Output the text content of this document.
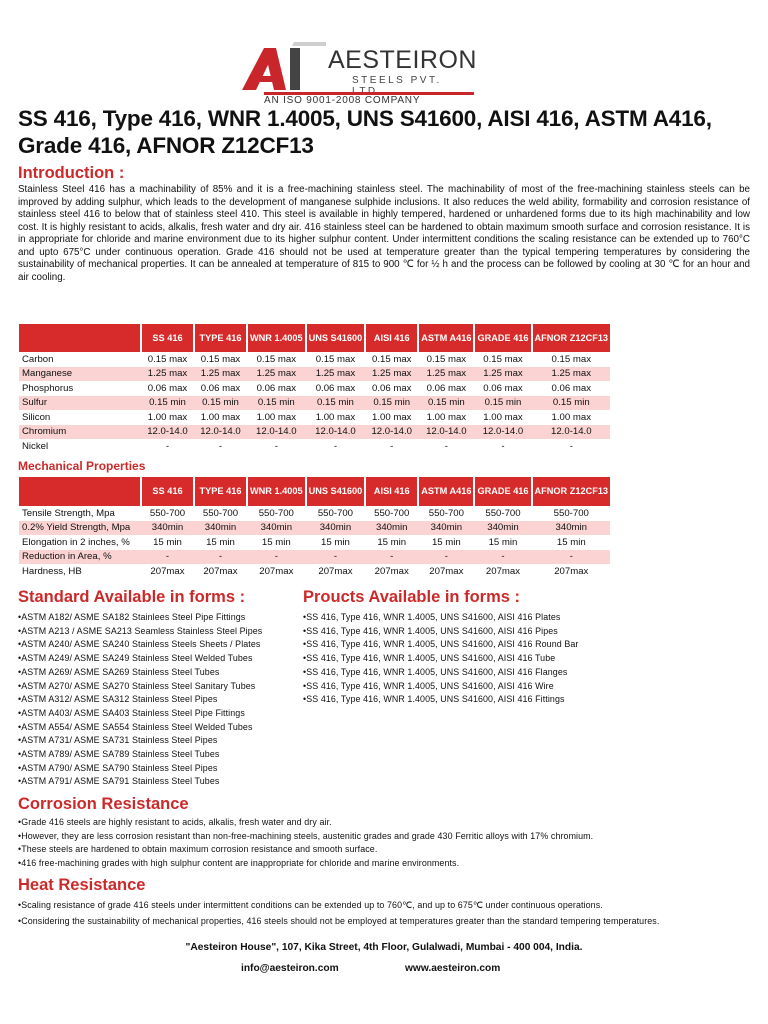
AESTEIRON
STEELS PVT.
AN ISO 9001-2008 COMPANY
SS 416, Type 416, WNR 1.4005, UNS S41600, AISI 416, ASTM A416, Grade 416, AFNOR Z12CF13
Introduction :
Stainless Steel 416 has a machinability of 85% and it is a free-machining stainless steel. The machinability of most of the free-machining stainless steels can be improved by adding sulphur, which leads to the development of manganese sulphide inclusions. It also reduces the weld ability, formability and corrosion resistance of stainless steel 416 to below that of stainless steel 410. This steel is available in highly tempered, hardened or unhardened forms due to its high machinability and low cost. It is highly resistant to acids, alkalis, fresh water and dry air. 416 stainless steel can be hardened to obtain maximum smooth surface and corrosion resistance. It is in appropriate for chloride and marine environment due to its higher sulphur content. Under intermittent conditions the scaling resistance can be extended up to 760°C and upto 675°C under continuous operation. Grade 416 should not be used at temperature greater than the typical tempering temperatures by considering the sustainability of mechanical properties. It can be annealed at temperature of 815 to 900 ℃ for ½ h and the process can be followed by cooling at 30 ℃ for an hour and air cooling.
Chemical Composition	SS 416	TYPE 416	WNR 1.4005	UNS S41600	AISI 416	ASTM A416	GRADE 416	AFNOR Z12CF13
Carbon	0.15 max	0.15 max	0.15 max	0.15 max	0.15 max	0.15 max	0.15 max	0.15 max
Manganese	1.25 max	1.25 max	1.25 max	1.25 max	1.25 max	1.25 max	1.25 max	1.25 max
Phosphorus	0.06 max	0.06 max	0.06 max	0.06 max	0.06 max	0.06 max	0.06 max	0.06 max
Sulfur	0.15 min	0.15 min	0.15 min	0.15 min	0.15 min	0.15 min	0.15 min	0.15 min
Silicon	1.00 max	1.00 max	1.00 max	1.00 max	1.00 max	1.00 max	1.00 max	1.00 max
Chromium	12.0-14.0	12.0-14.0	12.0-14.0	12.0-14.0	12.0-14.0	12.0-14.0	12.0-14.0	12.0-14.0
Nickel	-	-	-	-	-	-	-	-
Mechanical Properties
	SS 416	TYPE 416	WNR 1.4005	UNS S41600	AISI 416	ASTM A416	GRADE 416	AFNOR Z12CF13
Tensile Strength, Mpa	550-700	550-700	550-700	550-700	550-700	550-700	550-700	550-700
0.2% Yield Strength, Mpa	340min	340min	340min	340min	340min	340min	340min	340min
Elongation in 2 inches, %	15 min	15 min	15 min	15 min	15 min	15 min	15 min	15 min
Reduction in Area, %	-	-	-	-	-	-	-	-
Hardness, HB	207max	207max	207max	207max	207max	207max	207max	207max
Standard Available in forms :
• ASTM A182/ ASME SA182 Stainlees Steel Pipe Fittings
• ASTM A213 / ASME SA213 Seamless Stainless Steel Pipes
• ASTM A240/ ASME SA240 Stainless Steels Sheets / Plates
• ASTM A249/ ASME SA249 Stainless Steel Welded Tubes
• ASTM A269/ ASME SA269 Stainless Steel Tubes
• ASTM A270/ ASME SA270 Stainless Steel Sanitary Tubes
• ASTM A312/ ASME SA312 Stainless Steel Pipes
• ASTM A403/ ASME SA403 Stainless Steel Pipe Fittings
• ASTM A554/ ASME SA554 Stainless Steel Welded Tubes
• ASTM A731/ ASME SA731 Stainless Steel Pipes
• ASTM A789/ ASME SA789 Stainless Steel Tubes
• ASTM A790/ ASME SA790 Stainless Steel Pipes
• ASTM A791/ ASME SA791 Stainless Steel Tubes
Proucts Available in forms :
• SS 416, Type 416, WNR 1.4005, UNS S41600, AISI 416 Plates
• SS 416, Type 416, WNR 1.4005, UNS S41600, AISI 416 Pipes
• SS 416, Type 416, WNR 1.4005, UNS S41600, AISI 416 Round Bar
• SS 416, Type 416, WNR 1.4005, UNS S41600, AISI 416 Tube
• SS 416, Type 416, WNR 1.4005, UNS S41600, AISI 416 Flanges
• SS 416, Type 416, WNR 1.4005, UNS S41600, AISI 416 Wire
• SS 416, Type 416, WNR 1.4005, UNS S41600, AISI 416 Fittings
Corrosion Resistance
• Grade 416 steels are highly resistant to acids, alkalis, fresh water and dry air.
• However, they are less corrosion resistant than non-free-machining steels, austenitic grades and grade 430 Ferritic alloys with 17% chromium.
• These steels are hardened to obtain maximum corrosion resistance and smooth surface.
• 416 free-machining grades with high sulphur content are inappropriate for chloride and marine environments.
Heat Resistance
• Scaling resistance of grade 416 steels under intermittent conditions can be extended up to 760℃, and up to 675℃ under continuous operations.
• Considering the sustainability of mechanical properties, 416 steels should not be employed at temperatures greater than the standard tempering temperatures.
"Aesteiron House", 107, Kika Street, 4th Floor, Gulalwadi, Mumbai - 400 004, India.
info@aesteiron.com	www.aesteiron.com
